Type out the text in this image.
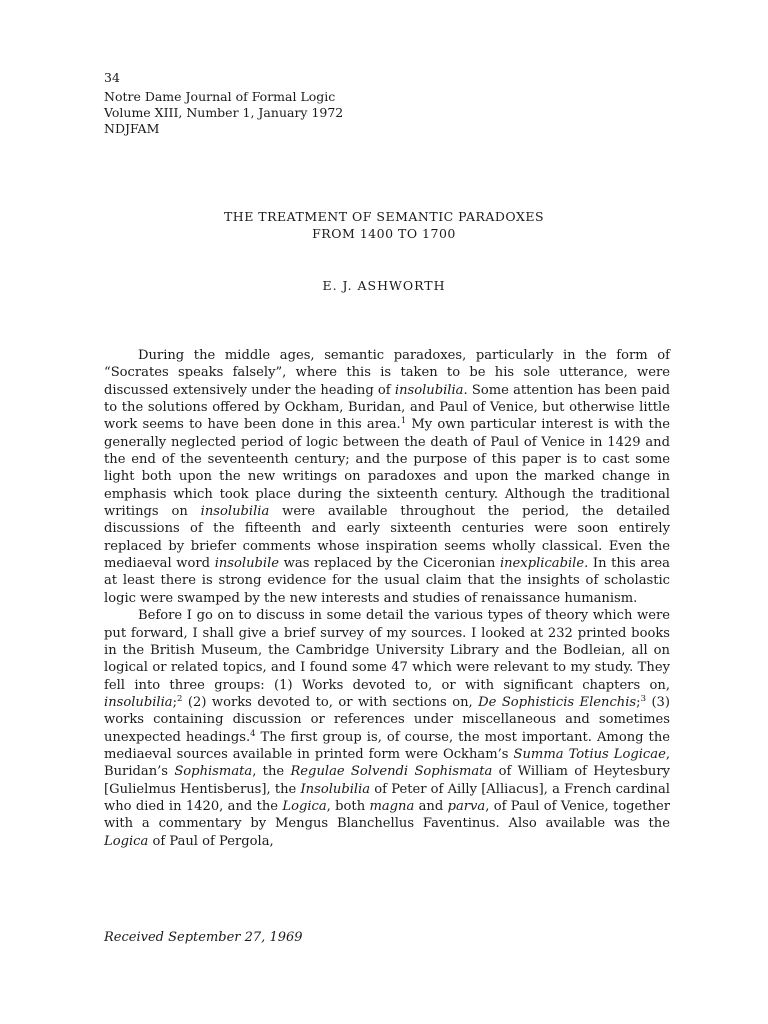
34
Notre Dame Journal of Formal Logic
Volume XIII, Number 1, January 1972
NDJFAM
THE TREATMENT OF SEMANTIC PARADOXES
FROM 1400 TO 1700
E. J. ASHWORTH

During the middle ages, semantic paradoxes, particularly in the form of “Socrates speaks falsely”, where this is taken to be his sole utterance, were discussed extensively under the heading of insolubilia. Some attention has been paid to the solutions offered by Ockham, Buridan, and Paul of Venice, but otherwise little work seems to have been done in this area.$^1$ My own particular interest is with the generally neglected period of logic between the death of Paul of Venice in 1429 and the end of the seventeenth century; and the purpose of this paper is to cast some light both upon the new writings on paradoxes and upon the marked change in emphasis which took place during the sixteenth century. Although the traditional writings on insolubilia were available throughout the period, the detailed discussions of the fifteenth and early sixteenth centuries were soon entirely replaced by briefer comments whose inspiration seems wholly classical. Even the mediaeval word insolubile was replaced by the Ciceronian inexplicabile. In this area at least there is strong evidence for the usual claim that the insights of scholastic logic were swamped by the new interests and studies of renaissance humanism.

Before I go on to discuss in some detail the various types of theory which were put forward, I shall give a brief survey of my sources. I looked at 232 printed books in the British Museum, the Cambridge University Library and the Bodleian, all on logical or related topics, and I found some 47 which were relevant to my study. They fell into three groups: (1) Works devoted to, or with significant chapters on, insolubilia;$^2$ (2) works devoted to, or with sections on, De Sophisticis Elenchis;$^3$ (3) works containing discussion or references under miscellaneous and sometimes unexpected headings.$^4$ The first group is, of course, the most important. Among the mediaeval sources available in printed form were Ockham’s Summa Totius Logicae, Buridan’s Sophismata, the Regulae Solvendi Sophismata of William of Heytesbury [Gulielmus Hentisberus], the Insolubilia of Peter of Ailly [Alliacus], a French cardinal who died in 1420, and the Logica, both magna and parva, of Paul of Venice, together with a commentary by Mengus Blanchellus Faventinus. Also available was the Logica of Paul of Pergola,

Received September 27, 1969
